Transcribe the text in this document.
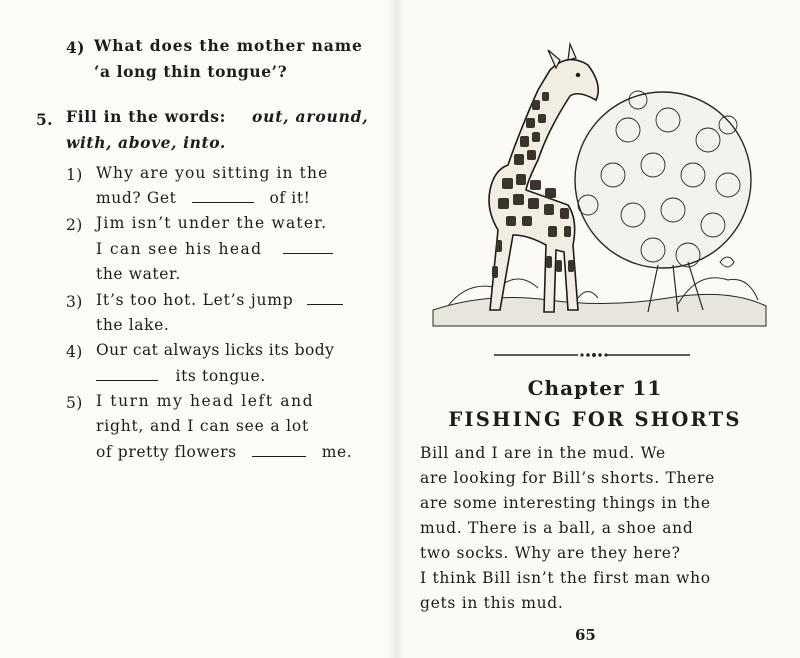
4) What does the mother name
‘a long thin tongue’?
5. Fill in the words: out, around,
with, above, into.
1) Why are you sitting in the
mud? Get	of it!
2) Jim isn’t under the water.
I can see his head
the water.
3) It’s too hot. Let’s jump
the lake.
4) Our cat always licks its body
its tongue.
5) I turn my head left and
right, and I can see a lot
of pretty flowers	me.
Chapter 11
FISHING FOR SHORTS
Bill and I are in the mud. We
are looking for Bill’s shorts. There
are some interesting things in the
mud. There is a ball, a shoe and
two socks. Why are they here?
I think Bill isn’t the first man who
gets in this mud.
65
